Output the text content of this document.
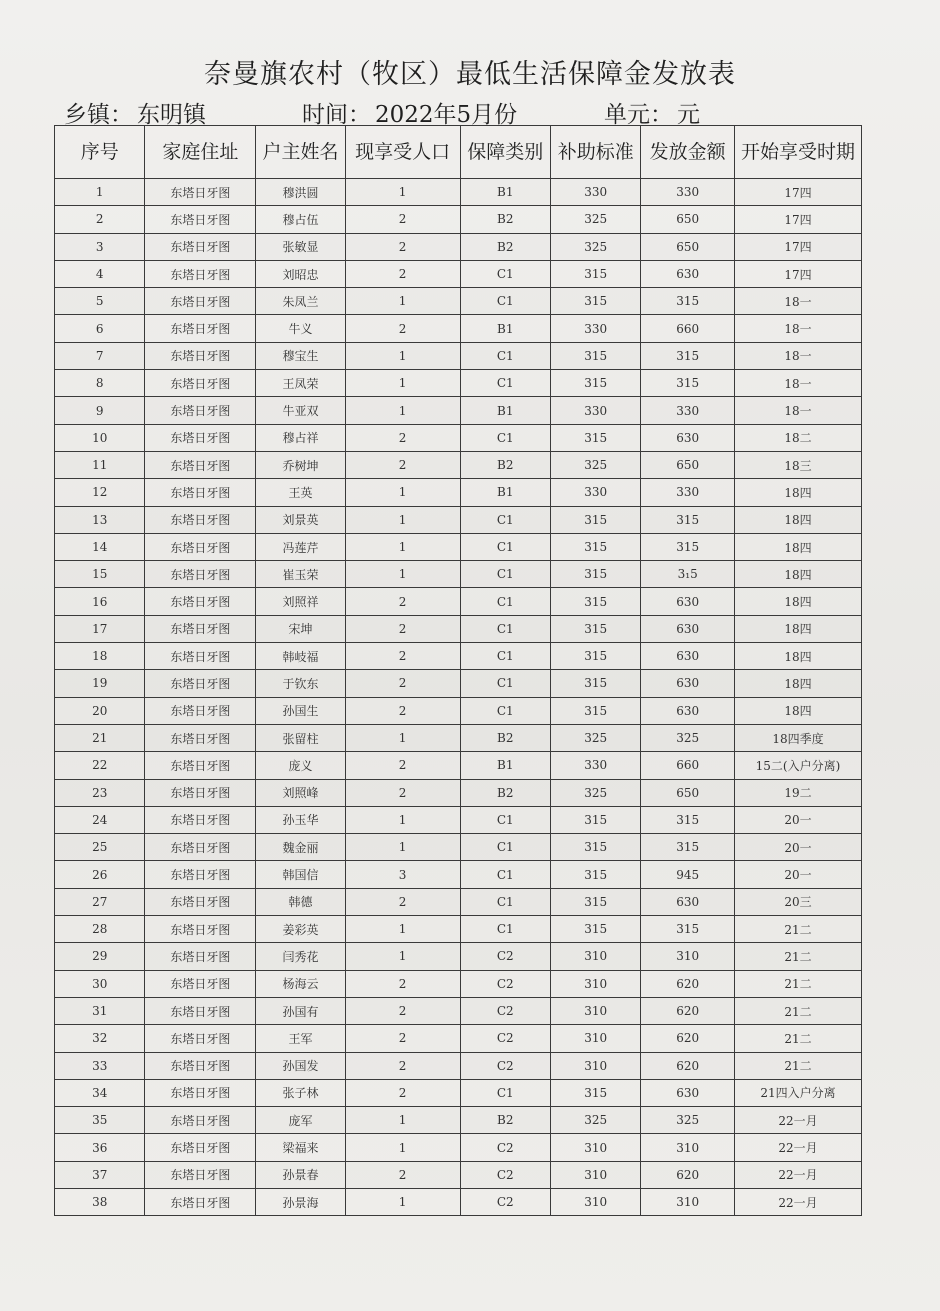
奈曼旗农村（牧区）最低生活保障金发放表
乡镇： 东明镇	时间： 2022年5月份	单元： 元
序号	家庭住址	户主姓名	现享受人口	保障类别	补助标准	发放金额	开始享受时期
1	东塔日牙图	穆洪圆	1	B1	330	330	17四
2	东塔日牙图	穆占伍	2	B2	325	650	17四
3	东塔日牙图	张敏显	2	B2	325	650	17四
4	东塔日牙图	刘昭忠	2	C1	315	630	17四
5	东塔日牙图	朱凤兰	1	C1	315	315	18一
6	东塔日牙图	牛义	2	B1	330	660	18一
7	东塔日牙图	穆宝生	1	C1	315	315	18一
8	东塔日牙图	王凤荣	1	C1	315	315	18一
9	东塔日牙图	牛亚双	1	B1	330	330	18一
10	东塔日牙图	穆占祥	2	C1	315	630	18二
11	东塔日牙图	乔树坤	2	B2	325	650	18三
12	东塔日牙图	王英	1	B1	330	330	18四
13	东塔日牙图	刘景英	1	C1	315	315	18四
14	东塔日牙图	冯莲芹	1	C1	315	315	18四
15	东塔日牙图	崔玉荣	1	C1	315	3₁5	18四
16	东塔日牙图	刘照祥	2	C1	315	630	18四
17	东塔日牙图	宋坤	2	C1	315	630	18四
18	东塔日牙图	韩岐福	2	C1	315	630	18四
19	东塔日牙图	于钦东	2	C1	315	630	18四
20	东塔日牙图	孙国生	2	C1	315	630	18四
21	东塔日牙图	张留柱	1	B2	325	325	18四季度
22	东塔日牙图	庞义	2	B1	330	660	15二(入户分离)
23	东塔日牙图	刘照峰	2	B2	325	650	19二
24	东塔日牙图	孙玉华	1	C1	315	315	20一
25	东塔日牙图	魏金丽	1	C1	315	315	20一
26	东塔日牙图	韩国信	3	C1	315	945	20一
27	东塔日牙图	韩德	2	C1	315	630	20三
28	东塔日牙图	姜彩英	1	C1	315	315	21二
29	东塔日牙图	闫秀花	1	C2	310	310	21二
30	东塔日牙图	杨海云	2	C2	310	620	21二
31	东塔日牙图	孙国有	2	C2	310	620	21二
32	东塔日牙图	王军	2	C2	310	620	21二
33	东塔日牙图	孙国发	2	C2	310	620	21二
34	东塔日牙图	张子林	2	C1	315	630	21四入户分离
35	东塔日牙图	庞军	1	B2	325	325	22一月
36	东塔日牙图	梁福来	1	C2	310	310	22一月
37	东塔日牙图	孙景春	2	C2	310	620	22一月
38	东塔日牙图	孙景海	1	C2	310	310	22一月
